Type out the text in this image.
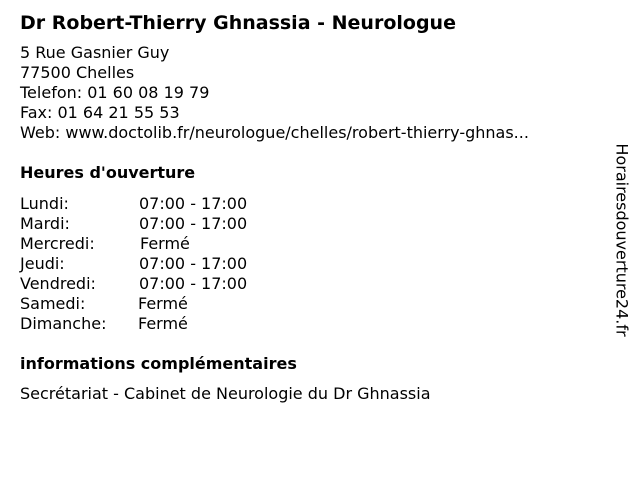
Dr Robert-Thierry Ghnassia - Neurologue
5 Rue Gasnier Guy
77500 Chelles
Telefon: 01 60 08 19 79
Fax: 01 64 21 55 53
Web: www.doctolib.fr/neurologue/chelles/robert-thierry-ghnas...
Heures d'ouverture
Lundi:	07:00 - 17:00
Mardi:	07:00 - 17:00
Mercredi:	Fermé
Jeudi:	07:00 - 17:00
Vendredi:	07:00 - 17:00
Samedi:	Fermé
Dimanche: Fermé
informations complémentaires
Secrétariat - Cabinet de Neurologie du Dr Ghnassia
Horairesdouverture24.fr
